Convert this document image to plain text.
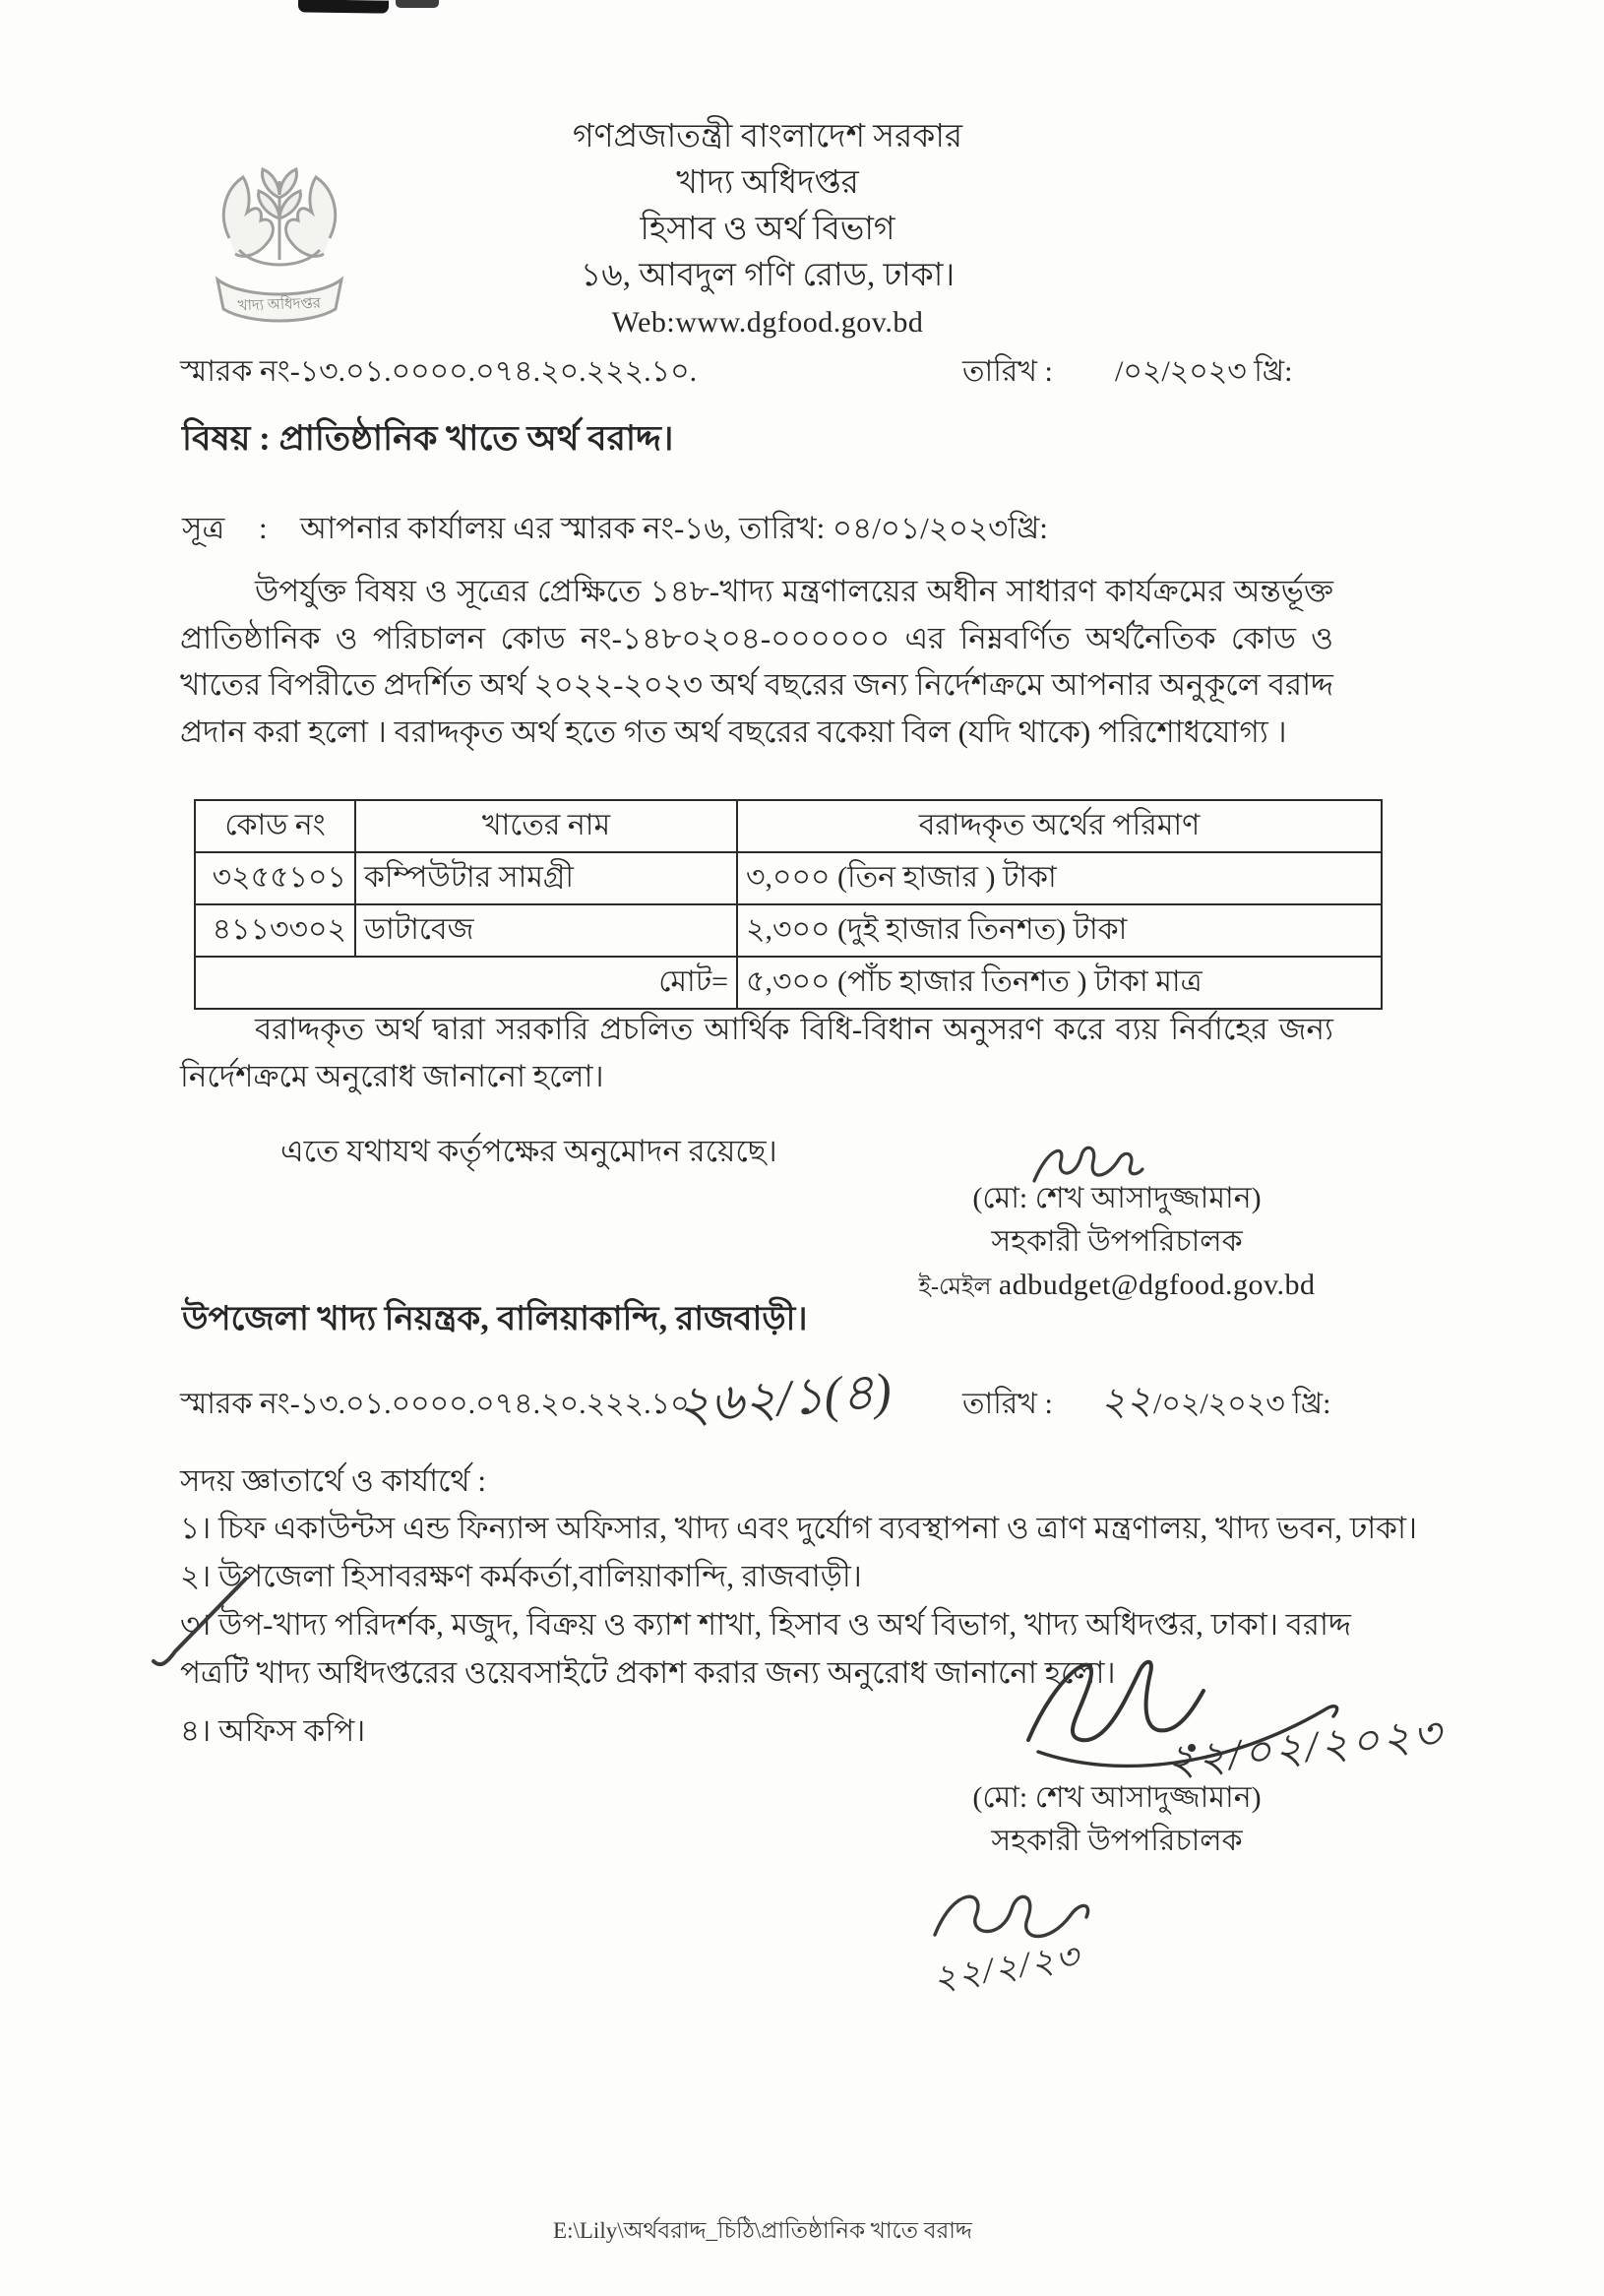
খাদ্য অধিদপ্তর
গণপ্রজাতন্ত্রী বাংলাদেশ সরকার
খাদ্য অধিদপ্তর
হিসাব ও অর্থ বিভাগ
১৬, আবদুল গণি রোড, ঢাকা।
Web:www.dgfood.gov.bd
স্মারক নং-১৩.০১.০০০০.০৭৪.২০.২২২.১০.	তারিখ : /০২/২০২৩ খ্রি:
বিষয় : প্রাতিষ্ঠানিক খাতে অর্থ বরাদ্দ।
সূত্র : আপনার কার্যালয় এর স্মারক নং-১৬, তারিখ: ০৪/০১/২০২৩খ্রি:
উপর্যুক্ত বিষয় ও সূত্রের প্রেক্ষিতে ১৪৮-খাদ্য মন্ত্রণালয়ের অধীন সাধারণ কার্যক্রমের অন্তর্ভূক্ত প্রাতিষ্ঠানিক ও পরিচালন কোড নং-১৪৮০২০৪-০০০০০০ এর নিম্নবর্ণিত অর্থনৈতিক কোড ও খাতের বিপরীতে প্রদর্শিত অর্থ ২০২২-২০২৩ অর্থ বছরের জন্য নির্দেশক্রমে আপনার অনুকূলে বরাদ্দ প্রদান করা হলো । বরাদ্দকৃত অর্থ হতে গত অর্থ বছরের বকেয়া বিল (যদি থাকে) পরিশোধযোগ্য ।
কোড নং	খাতের নাম	বরাদ্দকৃত অর্থের পরিমাণ
৩২৫৫১০১	কম্পিউটার সামগ্রী	৩,০০০ (তিন হাজার ) টাকা
৪১১৩৩০২	ডাটাবেজ	২,৩০০ (দুই হাজার তিনশত) টাকা
মোট=		৫,৩০০ (পাঁচ হাজার তিনশত ) টাকা মাত্র
বরাদ্দকৃত অর্থ দ্বারা সরকারি প্রচলিত আর্থিক বিধি-বিধান অনুসরণ করে ব্যয় নির্বাহের জন্য নির্দেশক্রমে অনুরোধ জানানো হলো।
এতে যথাযথ কর্তৃপক্ষের অনুমোদন রয়েছে।
(মো: শেখ আসাদুজ্জামান)
সহকারী উপপরিচালক
ই-মেইল adbudget@dgfood.gov.bd
উপজেলা খাদ্য নিয়ন্ত্রক, বালিয়াকান্দি, রাজবাড়ী।
স্মারক নং-১৩.০১.০০০০.০৭৪.২০.২২২.১০.
২৬২/১(৪) তারিখ : ২২ /০২/২০২৩ খ্রি:
সদয় জ্ঞাতার্থে ও কার্যার্থে :
১। চিফ একাউন্টস এন্ড ফিন্যান্স অফিসার, খাদ্য এবং দুর্যোগ ব্যবস্থাপনা ও ত্রাণ মন্ত্রণালয়, খাদ্য ভবন, ঢাকা।
২। উপজেলা হিসাবরক্ষণ কর্মকর্তা,বালিয়াকান্দি, রাজবাড়ী।
৩। উপ-খাদ্য পরিদর্শক, মজুদ, বিক্রয় ও ক্যাশ শাখা, হিসাব ও অর্থ বিভাগ, খাদ্য অধিদপ্তর, ঢাকা। বরাদ্দ পত্রটি খাদ্য অধিদপ্তরের ওয়েবসাইটে প্রকাশ করার জন্য অনুরোধ জানানো হলো।
৪। অফিস কপি।	২২/০২/২০২৩
(মো: শেখ আসাদুজ্জামান)
সহকারী উপপরিচালক
২২/২/২৩
E:\Lily\অর্থবরাদ্দ_চিঠি\প্রাতিষ্ঠানিক খাতে বরাদ্দ
